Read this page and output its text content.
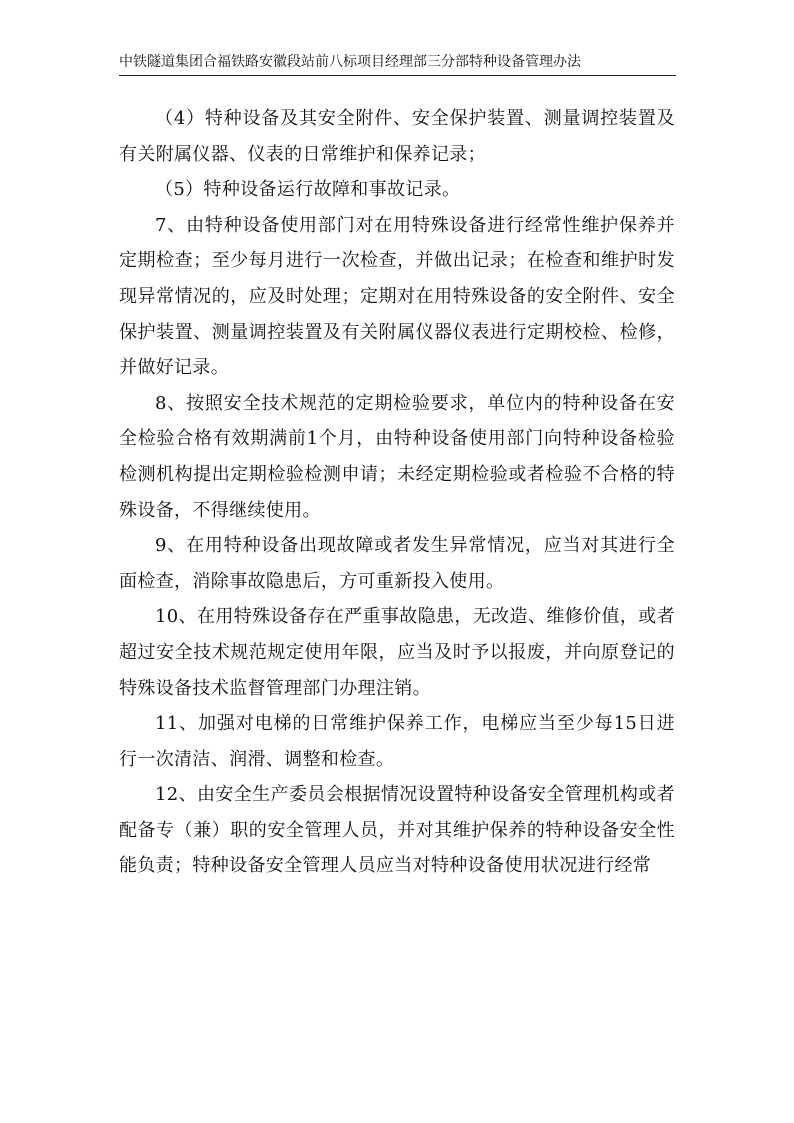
中铁隧道集团合福铁路安徽段站前八标项目经理部三分部特种设备管理办法

（4）特种设备及其安全附件、安全保护装置、测量调控装置及有关附属仪器、仪表的日常维护和保养记录；

（5）特种设备运行故障和事故记录。

7、由特种设备使用部门对在用特殊设备进行经常性维护保养并定期检查；至少每月进行一次检查，并做出记录；在检查和维护时发现异常情况的，应及时处理；定期对在用特殊设备的安全附件、安全保护装置、测量调控装置及有关附属仪器仪表进行定期校检、检修，并做好记录。

8、按照安全技术规范的定期检验要求，单位内的特种设备在安全检验合格有效期满前1个月，由特种设备使用部门向特种设备检验检测机构提出定期检验检测申请；未经定期检验或者检验不合格的特殊设备，不得继续使用。

9、在用特种设备出现故障或者发生异常情况，应当对其进行全面检查，消除事故隐患后，方可重新投入使用。

10、在用特殊设备存在严重事故隐患，无改造、维修价值，或者超过安全技术规范规定使用年限，应当及时予以报废，并向原登记的特殊设备技术监督管理部门办理注销。

11、加强对电梯的日常维护保养工作，电梯应当至少每15日进行一次清洁、润滑、调整和检查。

12、由安全生产委员会根据情况设置特种设备安全管理机构或者配备专（兼）职的安全管理人员，并对其维护保养的特种设备安全性能负责；特种设备安全管理人员应当对特种设备使用状况进行经常
